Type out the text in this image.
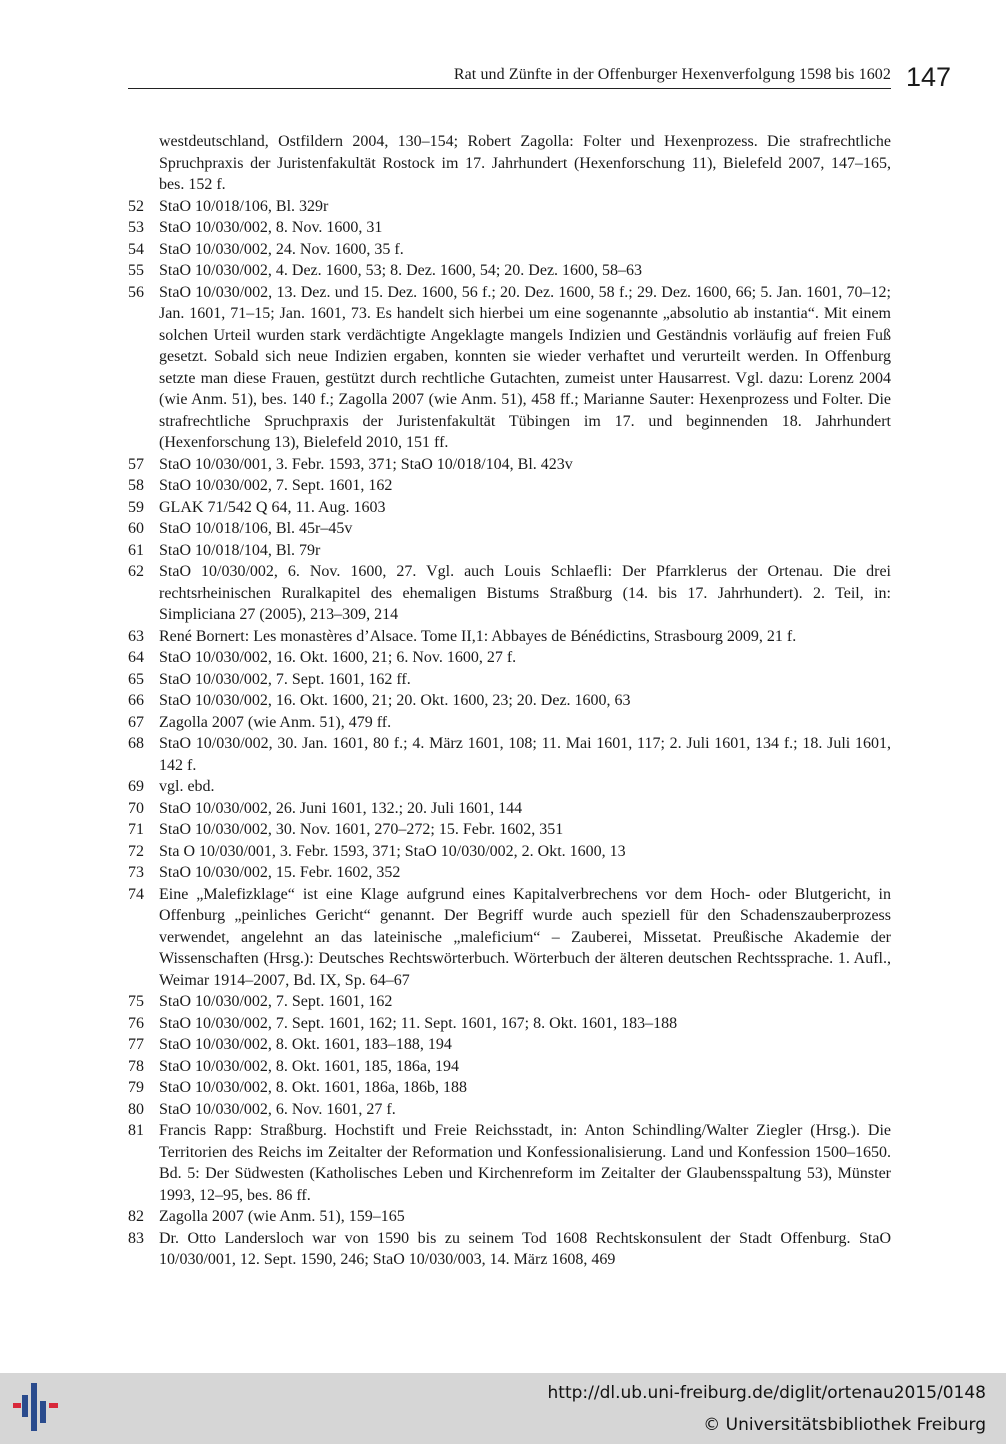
Rat und Zünfte in der Offenburger Hexenverfolgung 1598 bis 1602 147
westdeutschland, Ostfildern 2004, 130–154; Robert Zagolla: Folter und Hexenprozess. Die strafrechtliche Spruchpraxis der Juristenfakultät Rostock im 17. Jahrhundert (Hexenforschung 11), Bielefeld 2007, 147–165, bes. 152 f.
52 StaO 10/018/106, Bl. 329r
53 StaO 10/030/002, 8. Nov. 1600, 31
54 StaO 10/030/002, 24. Nov. 1600, 35 f.
55 StaO 10/030/002, 4. Dez. 1600, 53; 8. Dez. 1600, 54; 20. Dez. 1600, 58–63
56 StaO 10/030/002, 13. Dez. und 15. Dez. 1600, 56 f.; 20. Dez. 1600, 58 f.; 29. Dez. 1600, 66; 5. Jan. 1601, 70–12; Jan. 1601, 71–15; Jan. 1601, 73. Es handelt sich hierbei um eine sogenannte „absolutio ab instantia“. Mit einem solchen Urteil wurden stark verdächtigte Angeklagte mangels Indizien und Geständnis vorläufig auf freien Fuß gesetzt. Sobald sich neue Indizien ergaben, konnten sie wieder verhaftet und verurteilt werden. In Offenburg setzte man diese Frauen, gestützt durch rechtliche Gutachten, zumeist unter Hausarrest. Vgl. dazu: Lorenz 2004 (wie Anm. 51), bes. 140 f.; Zagolla 2007 (wie Anm. 51), 458 ff.; Marianne Sauter: Hexenprozess und Folter. Die strafrechtliche Spruchpraxis der Juristenfakultät Tübingen im 17. und beginnenden 18. Jahrhundert (Hexenforschung 13), Bielefeld 2010, 151 ff.
57 StaO 10/030/001, 3. Febr. 1593, 371; StaO 10/018/104, Bl. 423v
58 StaO 10/030/002, 7. Sept. 1601, 162
59 GLAK 71/542 Q 64, 11. Aug. 1603
60 StaO 10/018/106, Bl. 45r–45v
61 StaO 10/018/104, Bl. 79r
62 StaO 10/030/002, 6. Nov. 1600, 27. Vgl. auch Louis Schlaefli: Der Pfarrklerus der Ortenau. Die drei rechtsrheinischen Ruralkapitel des ehemaligen Bistums Straßburg (14. bis 17. Jahrhundert). 2. Teil, in: Simpliciana 27 (2005), 213–309, 214
63 René Bornert: Les monastères d’Alsace. Tome II,1: Abbayes de Bénédictins, Strasbourg 2009, 21 f.
64 StaO 10/030/002, 16. Okt. 1600, 21; 6. Nov. 1600, 27 f.
65 StaO 10/030/002, 7. Sept. 1601, 162 ff.
66 StaO 10/030/002, 16. Okt. 1600, 21; 20. Okt. 1600, 23; 20. Dez. 1600, 63
67 Zagolla 2007 (wie Anm. 51), 479 ff.
68 StaO 10/030/002, 30. Jan. 1601, 80 f.; 4. März 1601, 108; 11. Mai 1601, 117; 2. Juli 1601, 134 f.; 18. Juli 1601, 142 f.
69 vgl. ebd.
70 StaO 10/030/002, 26. Juni 1601, 132.; 20. Juli 1601, 144
71 StaO 10/030/002, 30. Nov. 1601, 270–272; 15. Febr. 1602, 351
72 Sta O 10/030/001, 3. Febr. 1593, 371; StaO 10/030/002, 2. Okt. 1600, 13
73 StaO 10/030/002, 15. Febr. 1602, 352
74 Eine „Malefizklage“ ist eine Klage aufgrund eines Kapitalverbrechens vor dem Hoch- oder Blutgericht, in Offenburg „peinliches Gericht“ genannt. Der Begriff wurde auch speziell für den Schadenszauberprozess verwendet, angelehnt an das lateinische „maleficium“ – Zauberei, Missetat. Preußische Akademie der Wissenschaften (Hrsg.): Deutsches Rechtswörterbuch. Wörterbuch der älteren deutschen Rechtssprache. 1. Aufl., Weimar 1914–2007, Bd. IX, Sp. 64–67
75 StaO 10/030/002, 7. Sept. 1601, 162
76 StaO 10/030/002, 7. Sept. 1601, 162; 11. Sept. 1601, 167; 8. Okt. 1601, 183–188
77 StaO 10/030/002, 8. Okt. 1601, 183–188, 194
78 StaO 10/030/002, 8. Okt. 1601, 185, 186a, 194
79 StaO 10/030/002, 8. Okt. 1601, 186a, 186b, 188
80 StaO 10/030/002, 6. Nov. 1601, 27 f.
81 Francis Rapp: Straßburg. Hochstift und Freie Reichsstadt, in: Anton Schindling/Walter Ziegler (Hrsg.). Die Territorien des Reichs im Zeitalter der Reformation und Konfessionalisierung. Land und Konfession 1500–1650. Bd. 5: Der Südwesten (Katholisches Leben und Kirchenreform im Zeitalter der Glaubensspaltung 53), Münster 1993, 12–95, bes. 86 ff.
82 Zagolla 2007 (wie Anm. 51), 159–165
83 Dr. Otto Landersloch war von 1590 bis zu seinem Tod 1608 Rechtskonsulent der Stadt Offenburg. StaO 10/030/001, 12. Sept. 1590, 246; StaO 10/030/003, 14. März 1608, 469
http://dl.ub.uni-freiburg.de/diglit/ortenau2015/0148
© Universitätsbibliothek Freiburg
